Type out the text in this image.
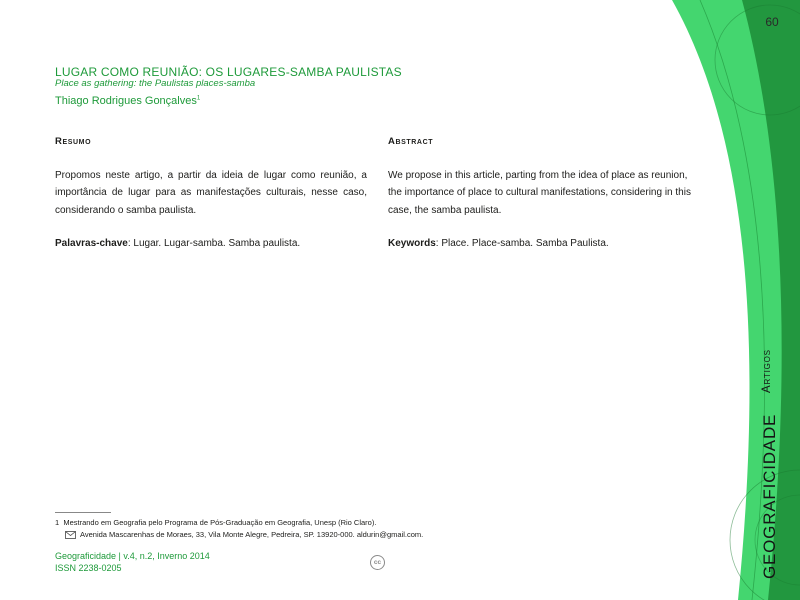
60
LUGAR COMO REUNIÃO: OS LUGARES-SAMBA PAULISTAS
Place as gathering: the Paulistas places-samba
Thiago Rodrigues Gonçalves$^1$
Resumo

Propomos neste artigo, a partir da ideia de lugar como reunião, a importância de lugar para as manifestações culturais, nesse caso, considerando o samba paulista.

Palavras-chave: Lugar. Lugar-samba. Samba paulista.

Abstract

We propose in this article, parting from the idea of place as reunion, the importance of place to cultural manifestations, considering in this case, the samba paulista.

Keywords: Place. Place-samba. Samba Paulista.

1 Mestrando em Geografia pelo Programa de Pós-Graduação em Geografia, Unesp (Rio Claro).
Avenida Mascarenhas de Moraes, 33, Vila Monte Alegre, Pedreira, SP. 13920-000. aldurin@gmail.com.
Geograficidade | v.4, n.2, Inverno 2014
ISSN 2238-0205
cc	GEOGRAFICIDADE
Artigos
